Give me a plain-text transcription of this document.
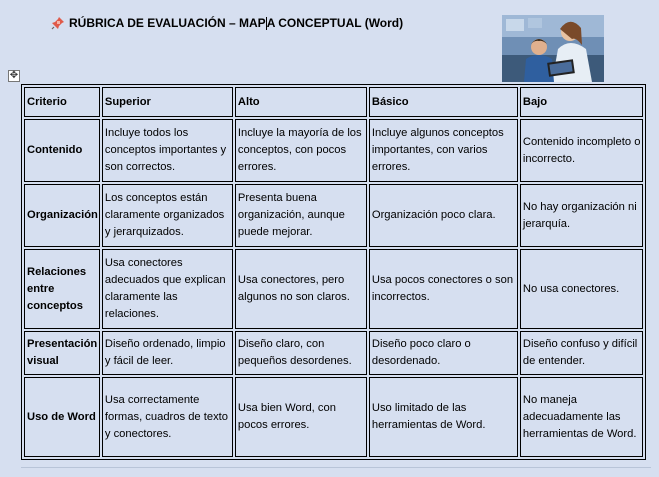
RÚBRICA DE EVALUACIÓN – MAP A CONCEPTUAL (Word)
✥
Criterio	Superior	Alto	Básico	Bajo
Contenido	Incluye todos los conceptos importantes y son correctos.	Incluye la mayoría de los conceptos, con pocos errores.	Incluye algunos conceptos importantes, con varios errores.	Contenido incompleto o incorrecto.
Organización	Los conceptos están claramente organizados y jerarquizados.	Presenta buena organización, aunque puede mejorar.	Organización poco clara.	No hay organización ni jerarquía.
Relaciones entre conceptos	Usa conectores adecuados que explican claramente las relaciones.	Usa conectores, pero algunos no son claros.	Usa pocos conectores o son incorrectos.	No usa conectores.
Presentación visual	Diseño ordenado, limpio y fácil de leer.	Diseño claro, con pequeños desordenes.	Diseño poco claro o desordenado.	Diseño confuso y difícil de entender.
Uso de Word	Usa correctamente formas, cuadros de texto y conectores.	Usa bien Word, con pocos errores.	Uso limitado de las herramientas de Word.	No maneja adecuadamente las herramientas de Word.
